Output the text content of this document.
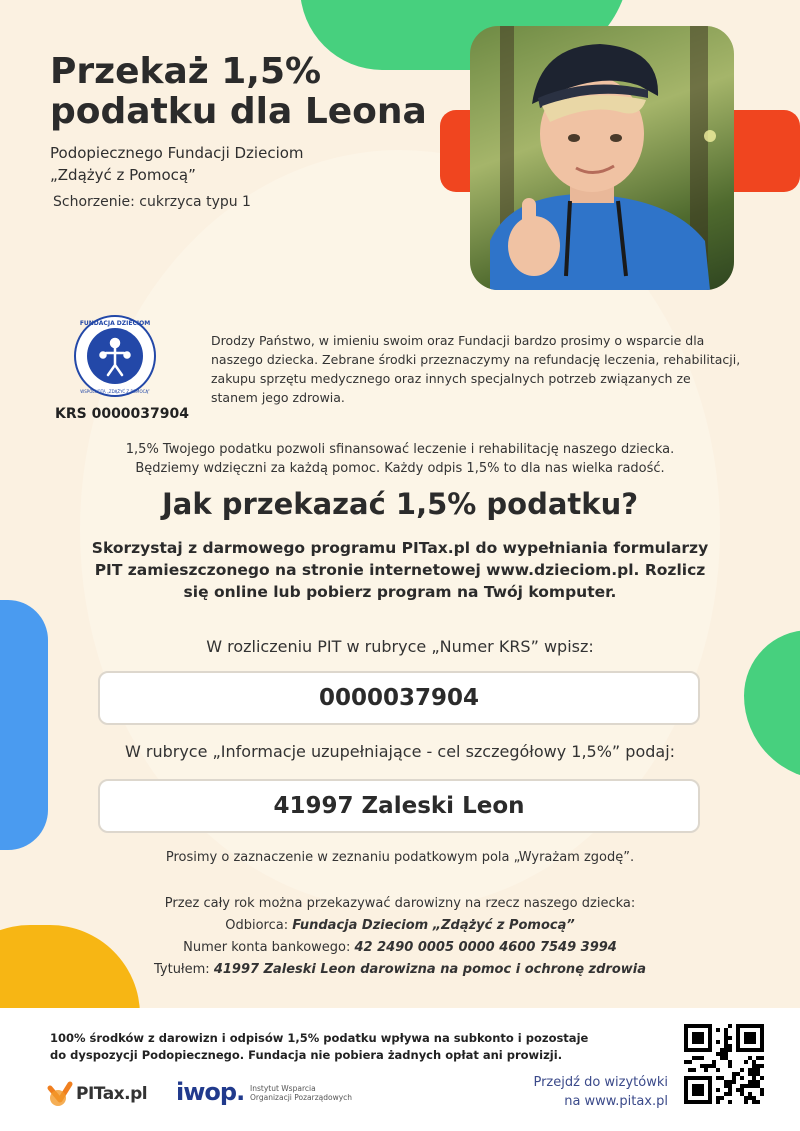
Przekaż 1,5%
podatku dla Leona
Podopiecznego Fundacji Dzieciom
„Zdążyć z Pomocą”
Schorzenie: cukrzyca typu 1
FUNDACJA DZIECIOM
WSPÓLNOTA „ZDĄŻYĆ Z POMOCĄ”
KRS 0000037904
Drodzy Państwo, w imieniu swoim oraz Fundacji bardzo prosimy o wsparcie dla naszego dziecka. Zebrane środki przeznaczymy na refundację leczenia, rehabilitacji, zakupu sprzętu medycznego oraz innych specjalnych potrzeb związanych ze stanem jego zdrowia.
1,5% Twojego podatku pozwoli sfinansować leczenie i rehabilitację naszego dziecka.
Będziemy wdzięczni za każdą pomoc. Każdy odpis 1,5% to dla nas wielka radość.
Jak przekazać 1,5% podatku?
Skorzystaj z darmowego programu PITax.pl do wypełniania formularzy PIT zamieszczonego na stronie internetowej www.dzieciom.pl. Rozlicz się online lub pobierz program na Twój komputer.
W rozliczeniu PIT w rubryce „Numer KRS” wpisz:
0000037904
W rubryce „Informacje uzupełniające - cel szczegółowy 1,5%” podaj:
41997 Zaleski Leon
Prosimy o zaznaczenie w zeznaniu podatkowym pola „Wyrażam zgodę”.
Przez cały rok można przekazywać darowizny na rzecz naszego dziecka:
Odbiorca: Fundacja Dzieciom „Zdążyć z Pomocą”
Numer konta bankowego: 42 2490 0005 0000 4600 7549 3994
Tytułem: 41997 Zaleski Leon darowizna na pomoc i ochronę zdrowia
100% środków z darowizn i odpisów 1,5% podatku wpływa na subkonto i pozostaje
do dyspozycji Podopiecznego. Fundacja nie pobiera żadnych opłat ani prowizji.
PITax.pl iwop. Instytut Wsparcia
Organizacji Pozarządowych
Przejdź do wizytówki
na www.pitax.pl
